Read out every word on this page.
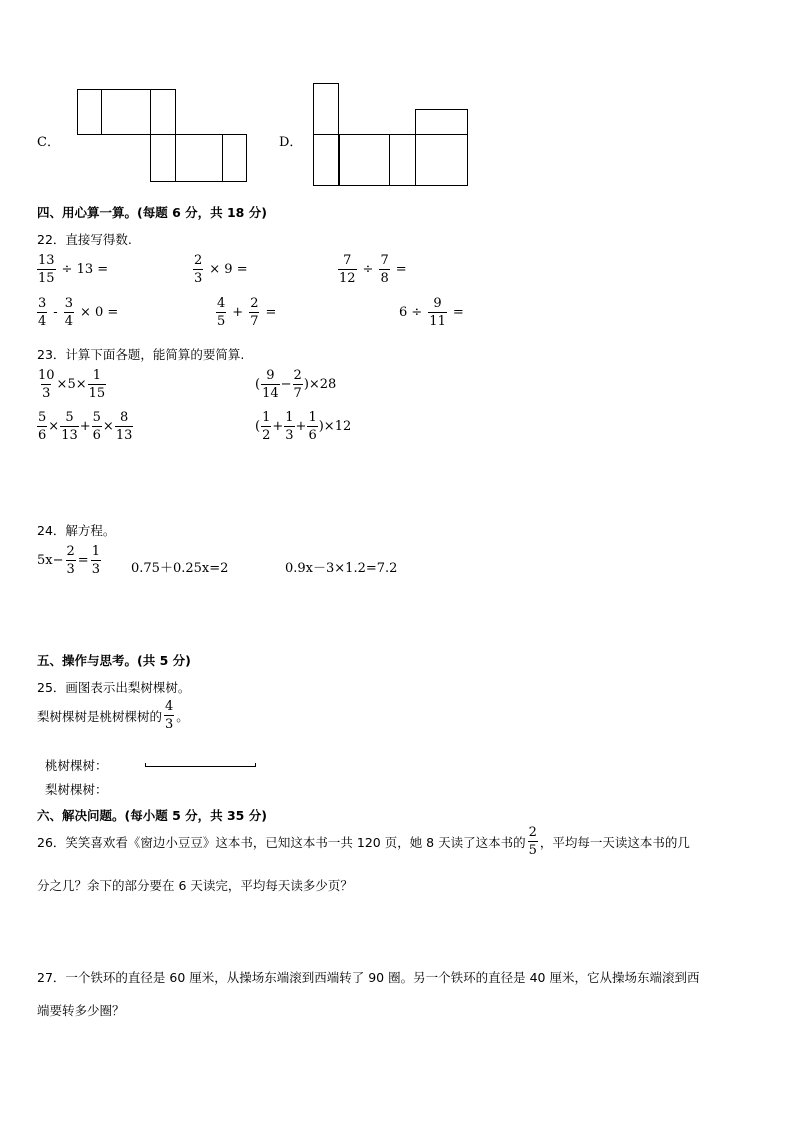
C．	D．
四、用心算一算。(每题 6 分，共 18 分)
22．直接写得数.
$\frac{13}{15} \div 13$ =	$\frac{2}{3} \times 9$ =	$\frac{7}{12} \div \frac{7}{8}$ =
$\frac{3}{4} - \frac{3}{4} \times 0$ =	$\frac{4}{5} + \frac{2}{7}$ =	$6 \div \frac{9}{11}$ =
23．计算下面各题，能简算的要简算.
$\frac{10}{3} \times 5\times \frac{1}{15}$	( $\frac{9}{14} - \frac{2}{7} )\times 28$
$\frac{5}{6} \times \frac{5}{13} + \frac{5}{6} \times \frac{8}{13}$	( $\frac{1}{2} + \frac{1}{3} + \frac{1}{6} )\times 12$
24．解方程。
$5x- \frac{2}{3} = \frac{1}{3} 0.75+0.25x=2$	0.9x－3×1.2=7.2
五、操作与思考。(共 5 分)
25．画图表示出梨树棵树。
梨树棵树是桃树棵树的 $\frac{4}{3}$ 。
桃树棵树：
梨树棵树：
六、解决问题。(每小题 5 分，共 35 分)
26．笑笑喜欢看《窗边小豆豆》这本书，已知这本书一共 120 页，她 8 天读了这本书的 $\frac{2}{5}$ ，平均每一天读这本书的几
分之几？余下的部分要在 6 天读完，平均每天读多少页？
27．一个铁环的直径是 60 厘米，从操场东端滚到西端转了 90 圈。另一个铁环的直径是 40 厘米，它从操场东端滚到西
端要转多少圈？
